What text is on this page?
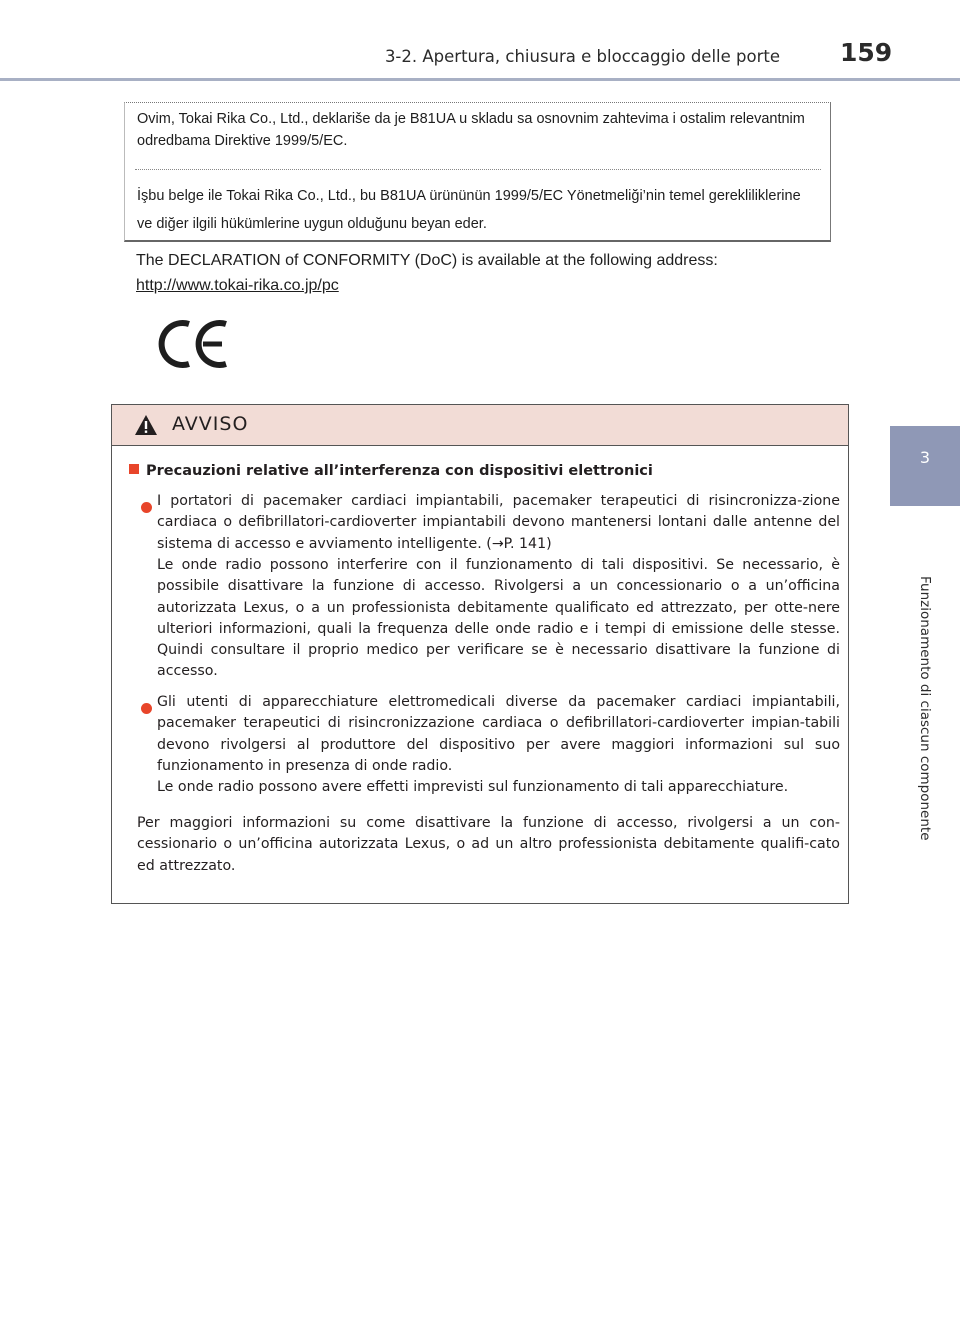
3-2. Apertura, chiusura e bloccaggio delle porte 159
3
Funzionamento di ciascun componente
Ovim, Tokai Rika Co., Ltd., deklariše da je B81UA u skladu sa osnovnim zahtevima i ostalim relevantnim odredbama Direktive 1999/5/EC.
İşbu belge ile Tokai Rika Co., Ltd., bu B81UA ürününün 1999/5/EC Yönetmeliği’nin temel gerekliliklerine ve diğer ilgili hükümlerine uygun olduğunu beyan eder.
The DECLARATION of CONFORMITY (DoC) is available at the following address:
http://www.tokai-rika.co.jp/pc
AVVISO
Precauzioni relative all’interferenza con dispositivi elettronici
I portatori di pacemaker cardiaci impiantabili, pacemaker terapeutici di risincronizza-zione cardiaca o defibrillatori-cardioverter impiantabili devono mantenersi lontani dalle antenne del sistema di accesso e avviamento intelligente. (→P. 141)
Le onde radio possono interferire con il funzionamento di tali dispositivi. Se necessario, è possibile disattivare la funzione di accesso. Rivolgersi a un concessionario o a un’officina autorizzata Lexus, o a un professionista debitamente qualificato ed attrezzato, per otte-nere ulteriori informazioni, quali la frequenza delle onde radio e i tempi di emissione delle stesse. Quindi consultare il proprio medico per verificare se è necessario disattivare la funzione di accesso.
Gli utenti di apparecchiature elettromedicali diverse da pacemaker cardiaci impiantabili, pacemaker terapeutici di risincronizzazione cardiaca o defibrillatori-cardioverter impian-tabili devono rivolgersi al produttore del dispositivo per avere maggiori informazioni sul suo funzionamento in presenza di onde radio.
Le onde radio possono avere effetti imprevisti sul funzionamento di tali apparecchiature.
Per maggiori informazioni su come disattivare la funzione di accesso, rivolgersi a un con-cessionario o un’officina autorizzata Lexus, o ad un altro professionista debitamente qualifi-cato ed attrezzato.
